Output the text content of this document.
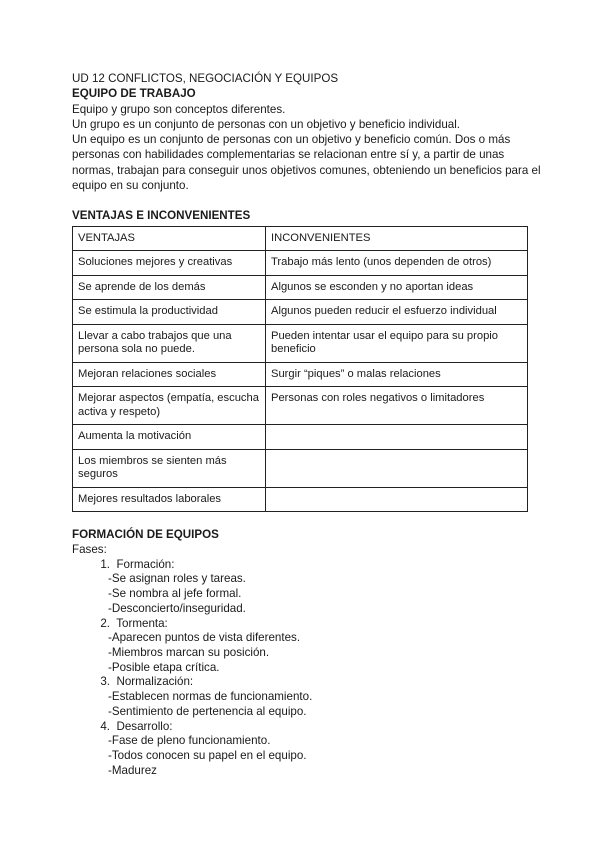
UD 12 CONFLICTOS, NEGOCIACIÓN Y EQUIPOS
EQUIPO DE TRABAJO
Equipo y grupo son conceptos diferentes.
Un grupo es un conjunto de personas con un objetivo y beneficio individual.
Un equipo es un conjunto de personas con un objetivo y beneficio común. Dos o más
personas con habilidades complementarias se relacionan entre sí y, a partir de unas
normas, trabajan para conseguir unos objetivos comunes, obteniendo un beneficios para el
equipo en su conjunto.
VENTAJAS E INCONVENIENTES
VENTAJAS	INCONVENIENTES
Soluciones mejores y creativas	Trabajo más lento (unos dependen de otros)
Se aprende de los demás	Algunos se esconden y no aportan ideas
Se estimula la productividad	Algunos pueden reducir el esfuerzo individual
Llevar a cabo trabajos que una persona sola no puede.	Pueden intentar usar el equipo para su propio beneficio
Mejoran relaciones sociales	Surgir “piques” o malas relaciones
Mejorar aspectos (empatía, escucha activa y respeto)	Personas con roles negativos o limitadores
Aumenta la motivación	
Los miembros se sienten más seguros	
Mejores resultados laborales	
FORMACIÓN DE EQUIPOS
Fases:
1. Formación:
-Se asignan roles y tareas.
-Se nombra al jefe formal.
-Desconcierto/inseguridad.
2. Tormenta:
-Aparecen puntos de vista diferentes.
-Miembros marcan su posición.
-Posible etapa crítica.
3. Normalización:
-Establecen normas de funcionamiento.
-Sentimiento de pertenencia al equipo.
4. Desarrollo:
-Fase de pleno funcionamiento.
-Todos conocen su papel en el equipo.
-Madurez
